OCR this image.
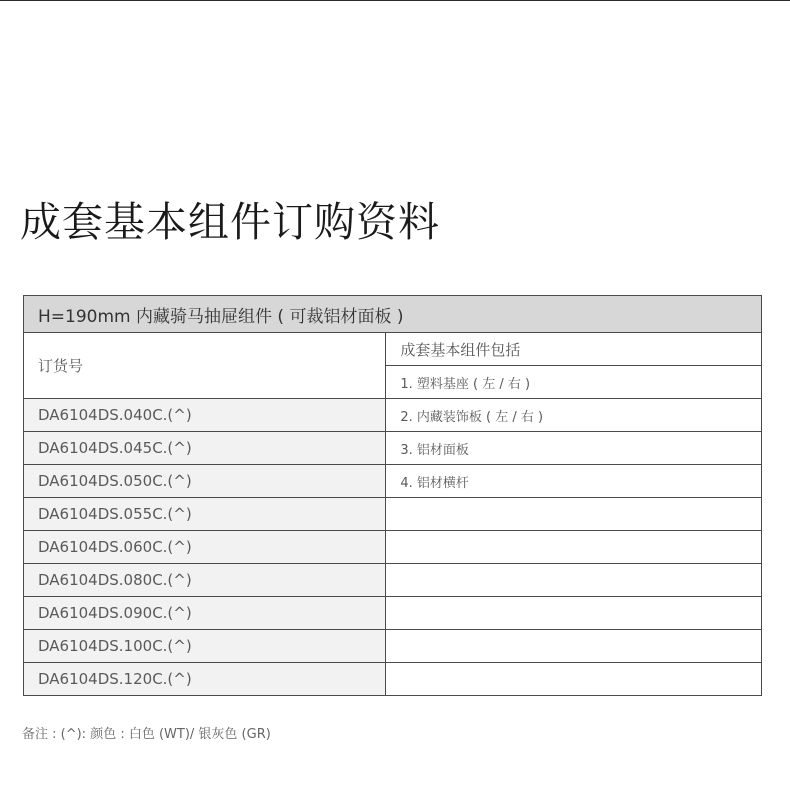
成套基本组件订购资料
H=190mm 内藏骑马抽屉组件 ( 可裁铝材面板 )	
订货号	成套基本组件包括
	1. 塑料基座 ( 左 / 右 )
DA6104DS.040C.(^)	2. 内藏装饰板 ( 左 / 右 )
DA6104DS.045C.(^)	3. 铝材面板
DA6104DS.050C.(^)	4. 铝材横杆
DA6104DS.055C.(^)	
DA6104DS.060C.(^)	
DA6104DS.080C.(^)	
DA6104DS.090C.(^)	
DA6104DS.100C.(^)	
DA6104DS.120C.(^)	
备注 : (^): 颜色 : 白色 (WT)/ 银灰色 (GR)
